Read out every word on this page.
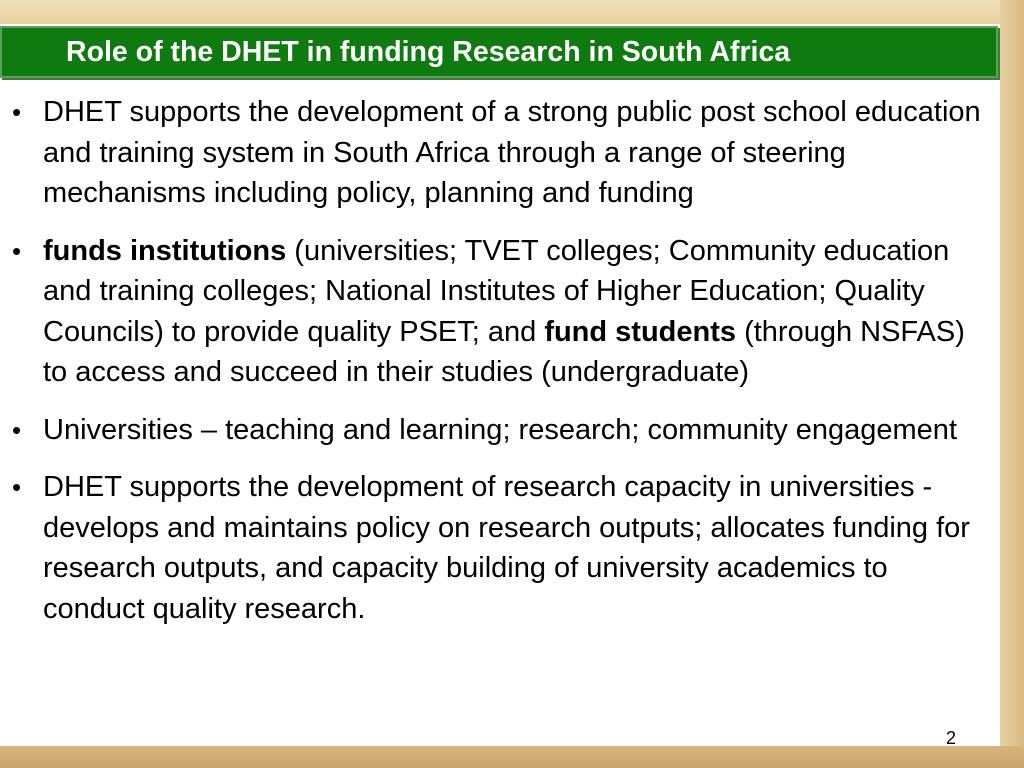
Role of the DHET in funding Research in South Africa
• DHET supports the development of a strong public post school education and training system in South Africa through a range of steering mechanisms including policy, planning and funding
• funds institutions (universities; TVET colleges; Community education and training colleges; National Institutes of Higher Education; Quality Councils) to provide quality PSET; and fund students (through NSFAS) to access and succeed in their studies (undergraduate)
• Universities – teaching and learning; research; community engagement
• DHET supports the development of research capacity in universities - develops and maintains policy on research outputs; allocates funding for research outputs, and capacity building of university academics to conduct quality research.
2
